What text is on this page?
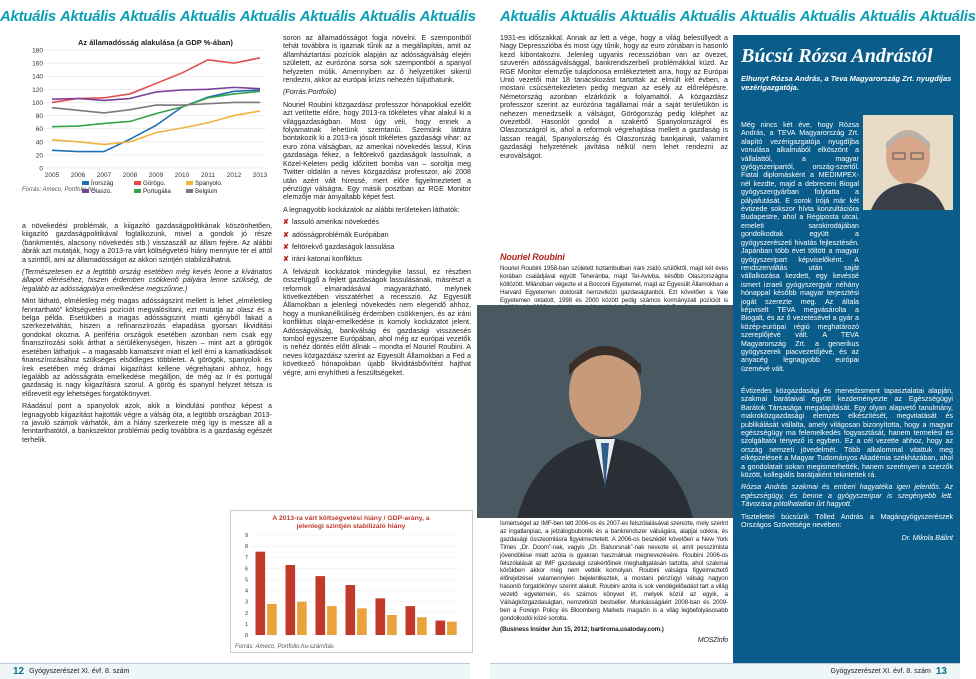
Aktuális Aktuális Aktuális Aktuális Aktuális Aktuális Aktuális Aktuális Aktuális Aktuális Aktuális Aktuális Aktuális Aktuális Aktuális Aktuális
Az államadósság alakulása (a GDP %-ában)
0
20
40
60
80
100
120
140
160
180
2005 2006 2007 2008 2009 2010 2011 2012 2013
Írország	Görögo.	Spanyolo.
Olaszo.	Portugália	Belgium
Forrás: Ameco, Portfolio.hu

a növekedési problémák, a kiigazító gazdaságpolitikának köszönhetően, kiigazító gazdaságpolitikával foglalkozunk, mivel a gondok jó része (bankmentés, alacsony növekedés stb.) visszaszáll az állam fejére. Az alábbi ábrák azt mutatják, hogy a 2013-ra várt költségvetési hiány mennyire tér el attól a szinttől, ami az államadósságot az akkori szintjén stabilizálhatná.

(Természetesen ez a legtöbb ország esetében még kevés lenne a kívánatos állapot eléréséhez, hiszen érdemben csökkenő pályára lenne szükség, de legalább az adósságpálya emelkedése megszűnne.)

Mint látható, elméletileg még magas adósságszint mellett is lehet „elméletileg fenntartható” költségvetési pozíciót megvalósítani, ezt mutatja az olasz és a belga példa. Esetükben a magas adósságszint miatti igényből fakad a szerkezetváltás, hiszen a refinanszírozás elapadása gyorsan likviditási gondokat okozna. A periféria országok esetében azonban nem csak egy finanszírozási sokk árthat a sérülékenységen, hiszen – mint azt a görögök esetében láthatjuk – a magasabb kamatszint miatt el kell érni a kamatkiadások finanszírozásához szükséges elsődleges többletet. A görögök, spanyolok és írek esetében még drámai kiigazítást kellene végrehajtani ahhoz, hogy legalább az adósságráta emelkedése megálljon, de még az ír és portugál gazdaság is nagy kiigazításra szorul. A görög és spanyol helyzet tétsza is előrevetít egy lehetséges forgatókönyvet.

Ráadásul pont a spanyolok azok, akik a kiindulási ponthoz képest a legnagyobb kiigazítást hajtották végre a válság óta, a legtöbb országban 2013-ra javuló számok várhatók, ám a hiány szerkezete még így is messze áll a fenntarthatótól, a bankszektor problémái pedig továbbra is a gazdaság egészét terhelik.

soron az államadósságot fogja növelni. E szempontból tehát továbbra is igaznak tűnik az a megállapítás, amit az államháztartási pozíciók alapján az adósságválság elején született, az eurózóna sorsa sok szempontból a spanyol helyzeten múlik. Amennyiben az ő helyzetüket sikerül rendezni, akkor az európai krízis nehezén túljuthatunk.

(Forrás:Portfolio)

Nouriel Roubini közgazdász professzor hónapokkal ezelőtt azt vetítette előre, hogy 2013-ra tökéletes vihar alakul ki a világgazdaságban. Most úgy véli, hogy ennek a folyamatnak lehetünk szemtanúi. Szemünk láttára bontakozik ki a 2013-ra jósolt tökéletes gazdasági vihar: az euro zóna válságban, az amerikai növekedés lassul, Kína gazdasága fékez, a feltörekvő gazdaságok lassulnak, a Közel-Keleten pedig időzített bomba van – soroltja meg Twitter oldalán a neves közgazdász professzor, aki 2008 után azért vált híressé, mert előre figyelmeztetett a pénzügyi válságra. Egy másik posztban az RGE Monitor elemzője már árnyaltabb képet fest.

A legnagyobb kockázatok az alábbi területeken láthatók:

✘ lassuló amerikai növekedés

✘ adósságproblémák Európában

✘ feltörekvő gazdaságok lassulása

✘ iráni katonai konfliktus

A felvázolt kockázatok mindegyike lassul, ez részben összefüggő a fejlett gazdaságok lassulásának, másrészt a reformok elmaradásával magyarázható, melynek következtében visszatérhet a recesszió. Az Egyesült Államokban a jelenlegi növekedés nem elegendő ahhoz, hogy a munkanélküliség érdemben csökkenjen, és az iráni konfliktus olajár-emelkedése is komoly kockázatot jelent. Adósságválság, bankválság és gazdasági visszaesés tombol egyszerre Európában, ahol még az európai vezetők is nehéz döntés előtt állnak – mondta el Nouriel Roubini. A neves közgazdász szerint az Egyesült Államokban a Fed a következő hónapokban újabb likviditásbővítést hajthat végre, ami enyhítheti a feszültségeket.

A 2013-ra várt költségvetési hiány / GDP-arány, a
jelenlegi szintjén stabilizáló hiány
0
1
2
3
4
5
6
7
8
9
Forrás: Ameco, Portfolio.hu-számítás

1931-es időszakkal. Annak az lett a vége, hogy a világ belesüllyedt a Nagy Depresszióba és most úgy tűnik, hogy az euro zónában is hasonló kezd kibontakozni. Jelenleg ugyanis recesszióban van az övezet, szuverén adósságválsággal, bankrendszerbeli problémákkal küzd. Az RGE Monitor elemzője tulajdonosa emlékeztetett arra, hogy az Európai Unió vezetői már 18 tanácskozást tartottak az elmúlt két évben, a mostani csúcsértekezleten pedig megvan az esély az előrelépésre. Németország azonban elzárkózik a folyamattól. A közgazdász professzor szerint az eurózóna tagállamai már a saját területükön is nehezen menedzselik a válságot, Görögország pedig kiléphet az övezetből. Hasonlót gondol a szakértő Spanyolországról és Olaszországról is, ahol a reformok végrehajtása mellett a gazdaság is lassan reagál, Spanyolország és Olaszország bankjainak, valamint gazdasági helyzetének javítása nélkül nem lehet rendezni az euroválságot.

Nouriel Roubini

Nouriel Roubini 1958-ban született Isztambulban iráni zsidó szülőktől, majd két éves korában családjával együtt Teheránba, majd Tel-Avivba, később Olaszországba költözött. Milánóban végezte el a Bocconi Egyetemet, majd az Egyesült Államokban a Harvard Egyetemen doktorált nemzetközi gazdaságtanból. Ezt követően a Yale Egyetemen oktatott, 1998 és 2000 között pedig számos kormányzati pozíciót is

Ismertséget az IMF-ben tett 2006-os és 2007-es felszólalásával szerezte, mely szerint az ingatlanpiac, a jelzálogbuborék és a bankrendszer válságára, alapjai sokkra, és gazdasági összeomlásra figyelmeztetett. A 2006-os beszédét követően a New York Times „Dr. Doom”-nak, vagyis „Dr. Balsorsnak”-nak nevezte el, amit pesszimista jövendölése miatt azóta is gyakran használnak megnevezésére. Roubini 2006-os felszólalását az IMF gazdasági szakértőinek meghallgatásán tartotta, ahol szakmai körökben akkor még nem vették komolyan. Roubini válságra figyelmeztető előrejelzései valamennyien bejelentkeztek, a mostani pénzügyi válság nagyon hasonló forgatókönyv szerint alakult. Roubini azóta is sok vendégelőadást tart a világ vezető egyetemein, és számos könyvet írt, melyek közül az egyik, a Válságközgazdaságtan, nemzetközi bestseller. Munkásságáért 2008-ban és 2009-ben a Foreign Policy és Bloomberg Markets magazin is a világ legbefolyásosabb gondolkodói közé sorolta.

(Business Insider Jun 15, 2012; bartiroma.usatoday.com.)

MOSZinfo

Búcsú Rózsa Andrástól
Elhunyt Rózsa András, a Teva Magyarország Zrt. nyugdíjas vezérigazgatója.

Még nincs két éve, hogy Rózsa András, a TEVA Magyarország Zrt. alapító vezérigazgatója nyugdíjba vonulása alkalmából elköszönt a vállalattól, a magyar gyógyszeripartól, ország-szertől. Fiatal diplomásként a MEDIMPEX-nél kezdte, majd a debreceni Biogal gyógyszergyárban folytatta a pályafutását. E sorok írójá már két évtizede sokszor hívta konzultációra Budapestre, ahol a Régiposta utcai, emeleti sarokirodájában gondolkodtak együtt a gyógyszerészeti hivatás fejlesztésén. Japánban több évet töltött a magyar gyógyszeripart képviselőként. A rendszerváltás után saját vállalkozása kezdett, egy kevéssé ismert izraeli gyógyszergyár néhány hónappal később magyar terjesztési jogát szerezte meg. Az általa képviselt TEVA megvásárolta a Biogalt, és az ő vezetésével a gyár a közép-európai régió meghatározó szereplőjévé vált. A TEVA Magyarország Zrt. a generikus gyógyszerek piacvezetőjévé, és az anyacég legnagyobb európai üzemévé vált.

Évtizedes közgazdasági és menedzsment tapasztalatai alapján, szakmai barátaival együtt kezdeményezte az Egészségügyi Barátok Társasága megalapítását. Egy olyan alapvető tanulmány, makroközgazdasági elemzés elkészítését, megvitatását és publikálását vállalta, amely világosan bizonyította, hogy a magyar egészségügy ma felemelkedés fogyasztását, hanem termelési és szolgáltatói tényező is egyben. Ez a cél vezette ahhoz, hogy az ország nemzeti jövedelmét. Több alkalommal vitattuk meg elképzeléseit a Magyar Tudományos Akadémia székházában, ahol a gondolatait sokan megismerhették, hanem szerényen a szerzők között, kollegiális barátjaként tekintettek rá.

Rózsa András szakmai és emberi hagyatéka igen jelentős. Az egészségügy, és benne a gyógyszeripar is szegényebb lett. Távozása pótolhatatlan űrt hagyott.

Tisztelettel búcsúzik Tölled András a Magángyógyszerészek Országos Szövetsége nevében:

Dr. Mikola Bálint

12 Gyógyszerészet XI. évf. 8. szám	Gyógyszerészet XI. évf. 8. szám 13
